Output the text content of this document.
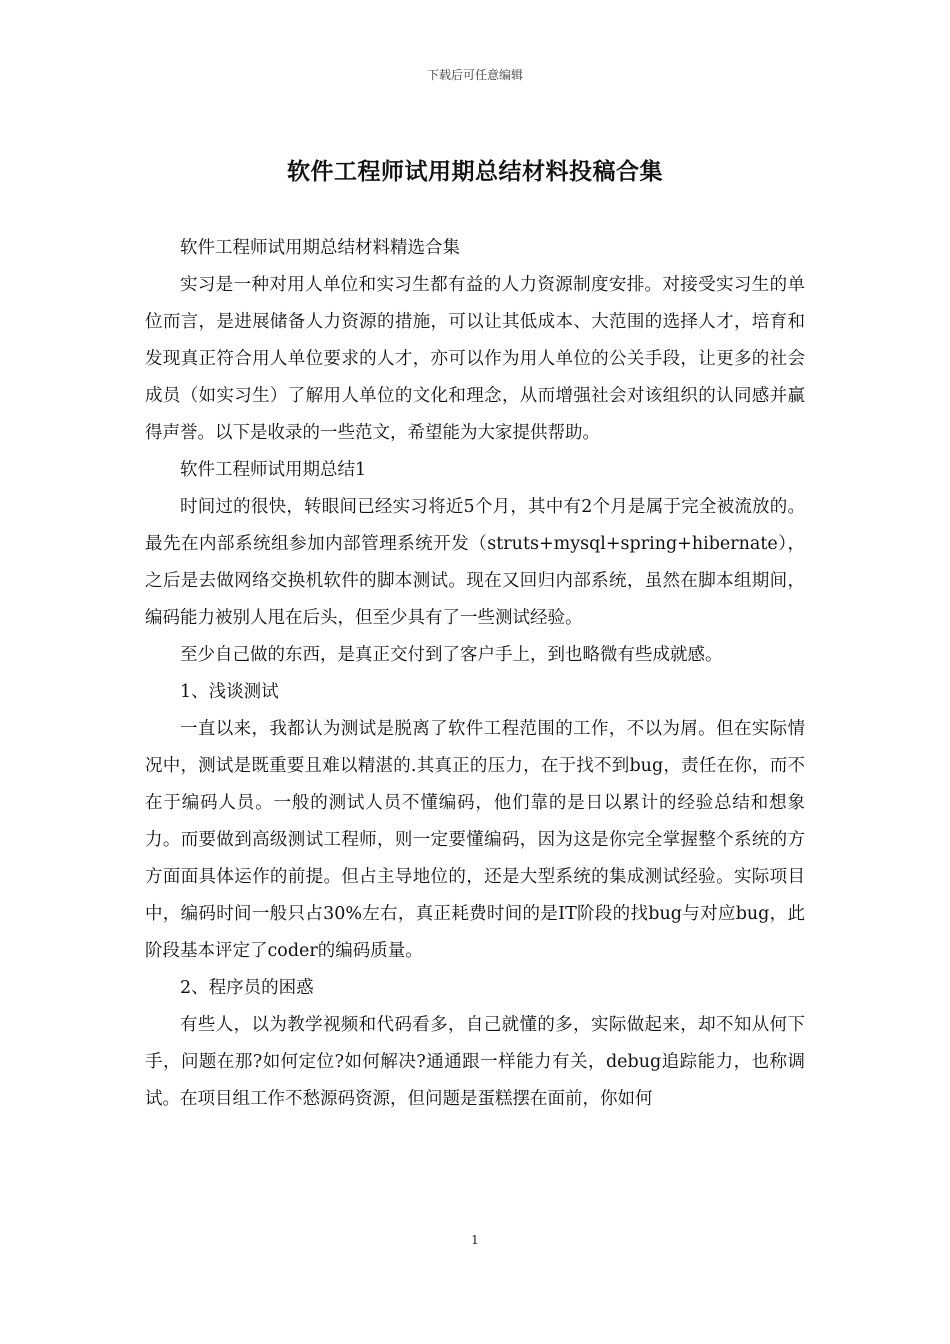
下载后可任意编辑
软件工程师试用期总结材料投稿合集

软件工程师试用期总结材料精选合集

实习是一种对用人单位和实习生都有益的人力资源制度安排。对接受实习生的单位而言，是进展储备人力资源的措施，可以让其低成本、大范围的选择人才，培育和发现真正符合用人单位要求的人才，亦可以作为用人单位的公关手段，让更多的社会成员（如实习生）了解用人单位的文化和理念，从而增强社会对该组织的认同感并赢得声誉。以下是收录的一些范文，希望能为大家提供帮助。

软件工程师试用期总结1

时间过的很快，转眼间已经实习将近5个月，其中有2个月是属于完全被流放的。最先在内部系统组参加内部管理系统开发（struts+mysql+spring+hibernate），之后是去做网络交换机软件的脚本测试。现在又回归内部系统，虽然在脚本组期间，编码能力被别人甩在后头，但至少具有了一些测试经验。

至少自己做的东西，是真正交付到了客户手上，到也略微有些成就感。

1、浅谈测试

一直以来，我都认为测试是脱离了软件工程范围的工作，不以为屑。但在实际情况中，测试是既重要且难以精湛的.其真正的压力，在于找不到bug，责任在你，而不在于编码人员。一般的测试人员不懂编码，他们靠的是日以累计的经验总结和想象力。而要做到高级测试工程师，则一定要懂编码，因为这是你完全掌握整个系统的方方面面具体运作的前提。但占主导地位的，还是大型系统的集成测试经验。实际项目中，编码时间一般只占30%左右，真正耗费时间的是IT阶段的找bug与对应bug，此阶段基本评定了coder的编码质量。

2、程序员的困惑

有些人，以为教学视频和代码看多，自己就懂的多，实际做起来，却不知从何下手，问题在那?如何定位?如何解决?通通跟一样能力有关，debug追踪能力，也称调试。在项目组工作不愁源码资源，但问题是蛋糕摆在面前，你如何

1
